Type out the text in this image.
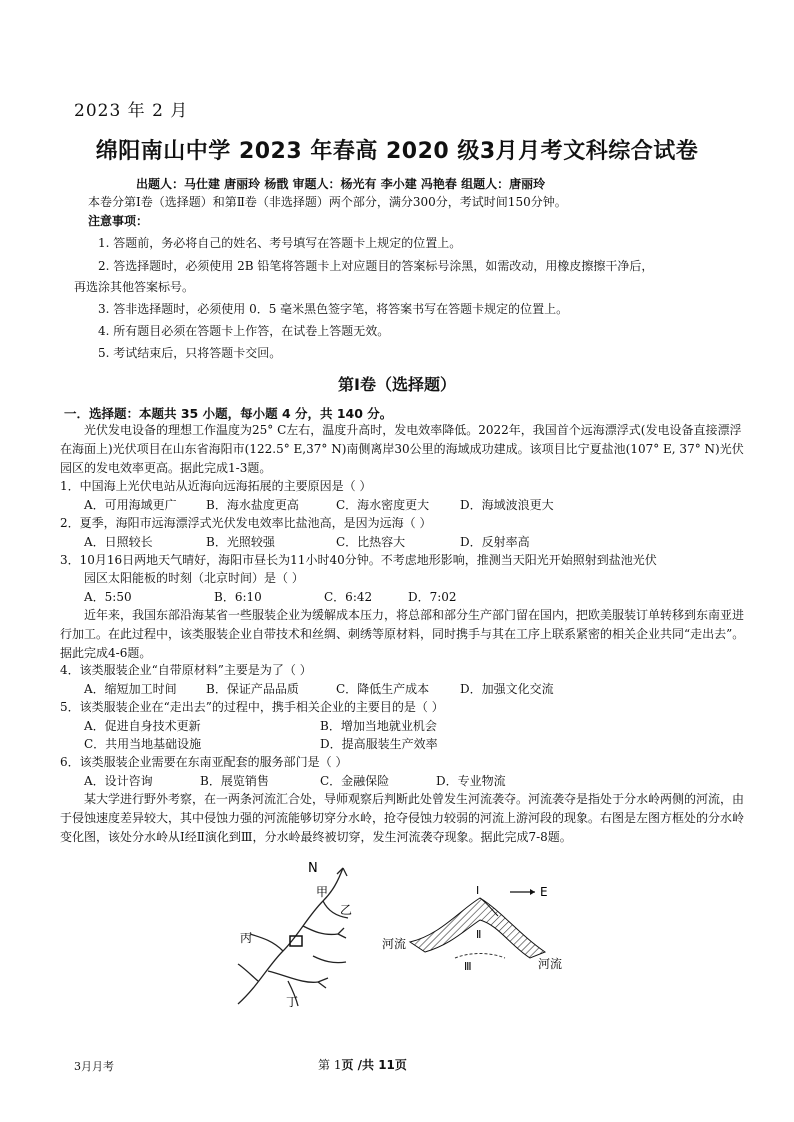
2023 年 2 月
绵阳南山中学 2023 年春高 2020 级3月月考文科综合试卷
出题人：马仕建 唐丽玲 杨戬 审题人：杨光有 李小建 冯艳春 组题人：唐丽玲
本卷分第Ⅰ卷（选择题）和第Ⅱ卷（非选择题）两个部分，满分300分，考试时间150分钟。
注意事项：
1. 答题前，务必将自己的姓名、考号填写在答题卡上规定的位置上。
2. 答选择题时，必须使用 2B 铅笔将答题卡上对应题目的答案标号涂黑，如需改动，用橡皮擦擦干净后，
再选涂其他答案标号。
3. 答非选择题时，必须使用 0．5 毫米黑色签字笔，将答案书写在答题卡规定的位置上。
4. 所有题目必须在答题卡上作答，在试卷上答题无效。
5. 考试结束后，只将答题卡交回。
第Ⅰ卷（选择题）
一．选择题：本题共 35 小题，每小题 4 分，共 140 分。
光伏发电设备的理想工作温度为25° C左右，温度升高时，发电效率降低。2022年，我国首个远海漂浮式(发电设备直接漂浮在海面上)光伏项目在山东省海阳市(122.5° E,37° N)南侧离岸30公里的海域成功建成。该项目比宁夏盐池(107° E, 37° N)光伏园区的发电效率更高。据此完成1-3题。
1．中国海上光伏电站从近海向远海拓展的主要原因是（ ）
A．可用海域更广 B．海水盐度更高	C．海水密度更大	D．海域波浪更大
2．夏季，海阳市远海漂浮式光伏发电效率比盐池高，是因为远海（ ）
A．日照较长	B．光照较强	C．比热容大	D．反射率高
3．10月16日两地天气晴好，海阳市昼长为11小时40分钟。不考虑地形影响，推测当天阳光开始照射到盐池光伏
园区太阳能板的时刻（北京时间）是（ ）
A．5:50	B．6:10	C．6:42	D．7:02
近年来，我国东部沿海某省一些服装企业为缓解成本压力，将总部和部分生产部门留在国内，把欧美服装订单转移到东南亚进行加工。在此过程中，该类服装企业自带技术和丝绸、刺绣等原材料，同时携手与其在工序上联系紧密的相关企业共同“走出去”。据此完成4-6题。
4．该类服装企业“自带原材料”主要是为了（ ）
A．缩短加工时间 B．保证产品品质	C．降低生产成本	D．加强文化交流
5．该类服装企业在“走出去”的过程中，携手相关企业的主要目的是（ ）
A．促进自身技术更新	B．增加当地就业机会
C．共用当地基础设施	D．提高服装生产效率
6．该类服装企业需要在东南亚配套的服务部门是（ ）
A．设计咨询	B．展览销售	C．金融保险	D．专业物流
某大学进行野外考察，在一两条河流汇合处，导师观察后判断此处曾发生河流袭夺。河流袭夺是指处于分水岭两侧的河流，由于侵蚀速度差异较大，其中侵蚀力强的河流能够切穿分水岭，抢夺侵蚀力较弱的河流上游河段的现象。右图是左图方框处的分水岭变化图，该处分水岭从Ⅰ经Ⅱ演化到Ⅲ，分水岭最终被切穿，发生河流袭夺现象。据此完成7-8题。
N
甲
乙
丙
丁
E
Ⅰ
Ⅱ
Ⅲ
河流
河流
3月月考	第 1页 /共 11页
